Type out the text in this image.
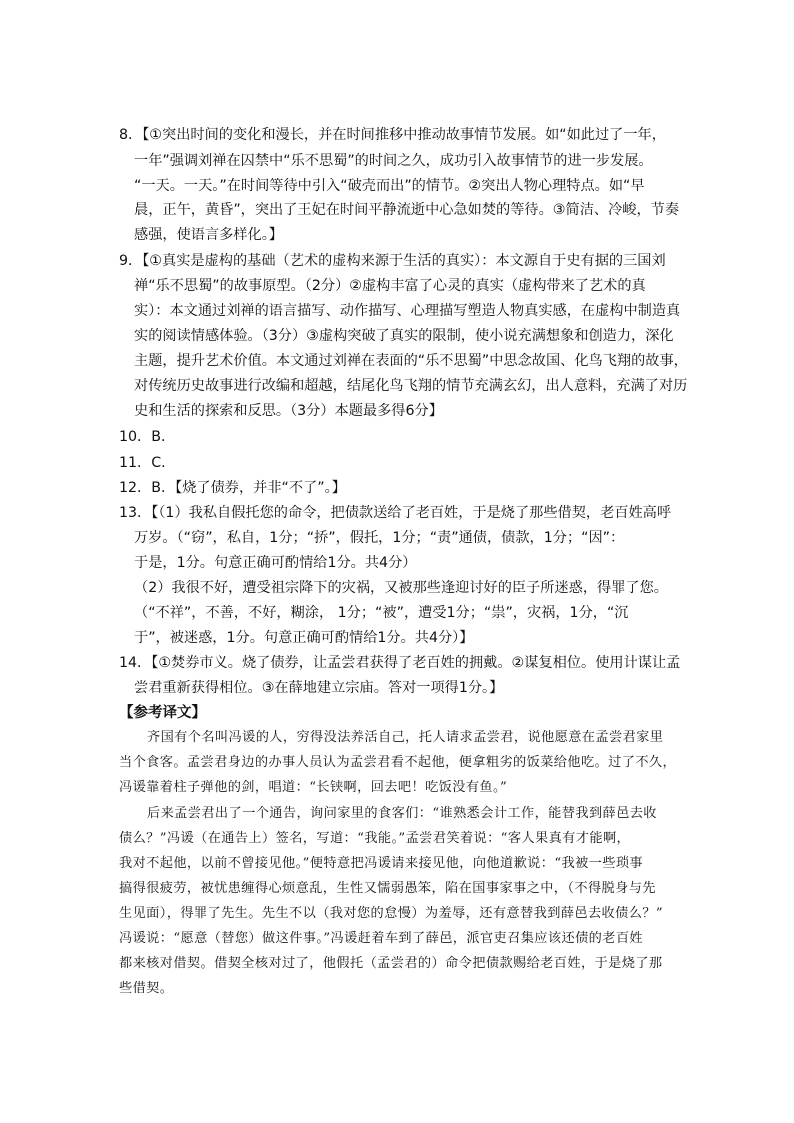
8．【①突出时间的变化和漫长，并在时间推移中推动故事情节发展。如“如此过了一年，
一年”强调刘禅在囚禁中“乐不思蜀”的时间之久，成功引入故事情节的进一步发展。
“一天。一天。”在时间等待中引入“破壳而出”的情节。②突出人物心理特点。如“早
晨，正午，黄昏”，突出了王妃在时间平静流逝中心急如焚的等待。③简洁、冷峻，节奏
感强，使语言多样化。】
9．【①真实是虚构的基础（艺术的虚构来源于生活的真实）：本文源自于史有据的三国刘
禅“乐不思蜀”的故事原型。（2分）②虚构丰富了心灵的真实（虚构带来了艺术的真
实）：本文通过刘禅的语言描写、动作描写、心理描写塑造人物真实感，在虚构中制造真
实的阅读情感体验。（3分）③虚构突破了真实的限制，使小说充满想象和创造力，深化
主题，提升艺术价值。本文通过刘禅在表面的“乐不思蜀”中思念故国、化鸟飞翔的故事，
对传统历史故事进行改编和超越，结尾化鸟飞翔的情节充满玄幻，出人意料，充满了对历
史和生活的探索和反思。（3分）本题最多得6分】
10．B．
11．C．
12．B．【烧了债券，并非“不了”。】
13．【（1）我私自假托您的命令，把债款送给了老百姓，于是烧了那些借契，老百姓高呼
万岁。（“窃”，私自，1分；“挢”，假托，1分；“责”通债，债款，1分；“因”：
于是，1分。句意正确可酌情给1分。共4分）
（2）我很不好，遭受祖宗降下的灾祸，又被那些逢迎讨好的臣子所迷惑，得罪了您。
（“不祥”，不善，不好，糊涂， 1分；“被”，遭受1分；“祟”，灾祸，1分，“沉
于”，被迷惑，1分。句意正确可酌情给1分。共4分）】
14．【①焚券市义。烧了债券，让孟尝君获得了老百姓的拥戴。②谋复相位。使用计谋让孟
尝君重新获得相位。③在薛地建立宗庙。答对一项得1分。】
【参考译文】
齐国有个名叫冯谖的人，穷得没法养活自己，托人请求孟尝君，说他愿意在孟尝君家里
当个食客。孟尝君身边的办事人员认为孟尝君看不起他，便拿粗劣的饭菜给他吃。过了不久，
冯谖靠着柱子弹他的剑，唱道：“长铗啊，回去吧！吃饭没有鱼。”
后来孟尝君出了一个通告，询问家里的食客们：“谁熟悉会计工作，能替我到薛邑去收
债么？”冯谖（在通告上）签名，写道：“我能。”孟尝君笑着说：“客人果真有才能啊，
我对不起他，以前不曾接见他。”便特意把冯谖请来接见他，向他道歉说：“我被一些琐事
搞得很疲劳，被忧患缠得心烦意乱，生性又懦弱愚笨，陷在国事家事之中，（不得脱身与先
生见面），得罪了先生。先生不以（我对您的怠慢）为羞辱，还有意替我到薛邑去收债么？”
冯谖说：“愿意（替您）做这件事。”冯谖赶着车到了薛邑，派官吏召集应该还债的老百姓
都来核对借契。借契全核对过了，他假托（孟尝君的）命令把债款赐给老百姓，于是烧了那
些借契。
